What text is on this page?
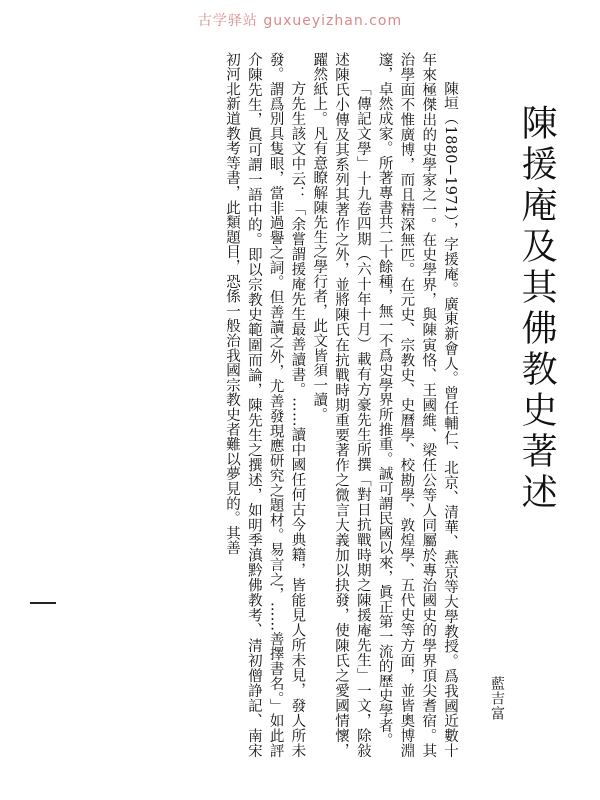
古学驿站 guxueyizhan.com
陳援庵及其佛教史著述
藍吉富

陳垣（1880−1971），字援庵。廣東新會人。曾任輔仁、北京、清華、燕京等大學教授。爲我國近數十年來極傑出的史學家之一。在史學界，與陳寅恪、王國維、梁任公等人同屬於專治國史的學界頂尖耆宿。其治學面不惟廣博，而且精深無匹。在元史、宗教史、史曆學、校勘學、敦煌學、五代史等方面，並皆奧博淵邃，卓然成家。所著專書共二十餘種，無一不爲史學界所推重。誠可謂民國以來，眞正第一流的歷史學者。

「傳記文學」十九卷四期（六十年十月）載有方豪先生所撰「對日抗戰時期之陳援庵先生」一文，除敍述陳氏小傳及其系列其著作之外，並將陳氏在抗戰時期重要著作之微言大義加以抉發，使陳氏之愛國情懷，躍然紙上。凡有意瞭解陳先生之學行者，此文皆須一讀。

方先生該文中云：「余嘗謂援庵先生最善讀書。……讀中國任何古今典籍，皆能見人所未見，發人所未發。謂爲別具隻眼，當非過譽之詞。但善讀之外，尤善發現應研究之題材。易言之，……善擇書名。」如此評介陳先生，眞可謂一語中的。即以宗教史範圍而論，陳先生之撰述，如明季滇黔佛教考、清初僧諍記、南宋初河北新道教考等書，此類題目，恐係一般治我國宗教史者難以夢見的。其善
